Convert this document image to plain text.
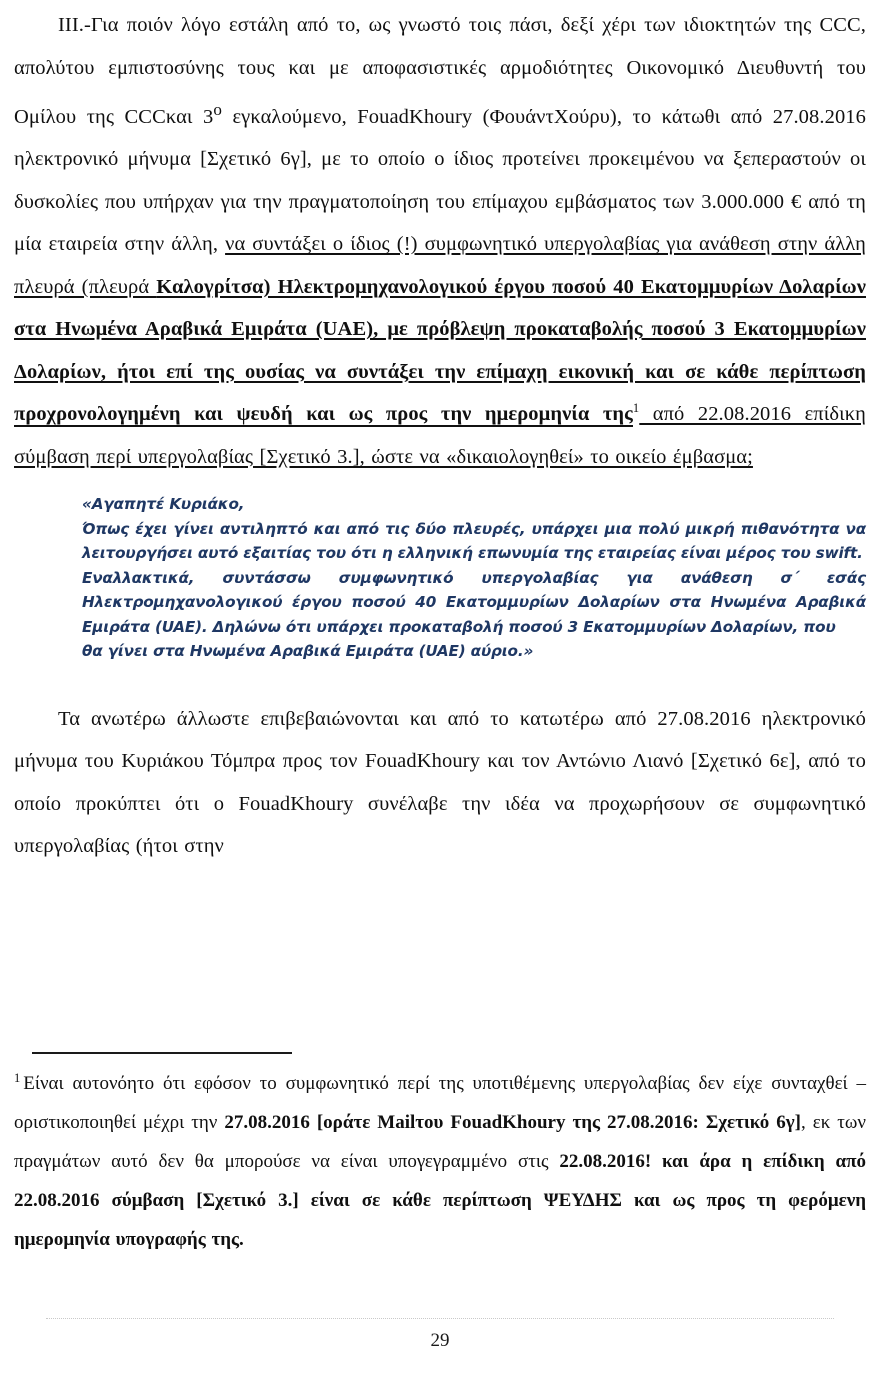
III.-Για ποιόν λόγο εστάλη από το, ως γνωστό τοις πάσι, δεξί χέρι των ιδιοκτητών της CCC, απολύτου εμπιστοσύνης τους και με αποφασιστικές αρμοδιότητες Οικονομικό Διευθυντή του Ομίλου της CCCκαι $3^o$ εγκαλούμενο, FouadKhoury (ΦουάντΧούρυ), το κάτωθι από 27.08.2016 ηλεκτρονικό μήνυμα [Σχετικό 6γ], με το οποίο ο ίδιος προτείνει προκειμένου να ξεπεραστούν οι δυσκολίες που υπήρχαν για την πραγματοποίηση του επίμαχου εμβάσματος των 3.000.000 € από τη μία εταιρεία στην άλλη, να συντάξει ο ίδιος (!) συμφωνητικό υπεργολαβίας για ανάθεση στην άλλη πλευρά (πλευρά Καλογρίτσα) Ηλεκτρομηχανολογικού έργου ποσού 40 Εκατομμυρίων Δολαρίων στα Ηνωμένα Αραβικά Εμιράτα (UAE), με πρόβλεψη προκαταβολής ποσού 3 Εκατομμυρίων Δολαρίων, ήτοι επί της ουσίας να συντάξει την επίμαχη εικονική και σε κάθε περίπτωση προχρονολογημένη και ψευδή και ως προς την ημερομηνία της$^1$ από 22.08.2016 επίδικη σύμβαση περί υπεργολαβίας [Σχετικό 3.], ώστε να «δικαιολογηθεί» το οικείο έμβασμα;

«Αγαπητέ Κυριάκο,

Όπως έχει γίνει αντιληπτό και από τις δύο πλευρές, υπάρχει μια πολύ μικρή πιθανότητα να λειτουργήσει αυτό εξαιτίας του ότι η ελληνική επωνυμία της εταιρείας είναι μέρος του swift.

Εναλλακτικά, συντάσσω συμφωνητικό υπεργολαβίας για ανάθεση σ΄ εσάς Ηλεκτρομηχανολογικού έργου ποσού 40 Εκατομμυρίων Δολαρίων στα Ηνωμένα Αραβικά Εμιράτα (UAE). Δηλώνω ότι υπάρχει προκαταβολή ποσού 3 Εκατομμυρίων Δολαρίων, που

θα γίνει στα Ηνωμένα Αραβικά Εμιράτα (UAE) αύριο.»

Τα ανωτέρω άλλωστε επιβεβαιώνονται και από το κατωτέρω από 27.08.2016 ηλεκτρονικό μήνυμα του Κυριάκου Τόμπρα προς τον FouadKhoury και τον Αντώνιο Λιανό [Σχετικό 6ε], από το οποίο προκύπτει ότι ο FouadKhoury συνέλαβε την ιδέα να προχωρήσουν σε συμφωνητικό υπεργολαβίας (ήτοι στην

$^1$ Είναι αυτονόητο ότι εφόσον το συμφωνητικό περί της υποτιθέμενης υπεργολαβίας δεν είχε συνταχθεί – οριστικοποιηθεί μέχρι την 27.08.2016 [οράτε Mailτου FouadKhoury της 27.08.2016: Σχετικό 6γ], εκ των πραγμάτων αυτό δεν θα μπορούσε να είναι υπογεγραμμένο στις 22.08.2016! και άρα η επίδικη από 22.08.2016 σύμβαση [Σχετικό 3.] είναι σε κάθε περίπτωση ΨΕΥΔΗΣ και ως προς τη φερόμενη ημερομηνία υπογραφής της.

29
